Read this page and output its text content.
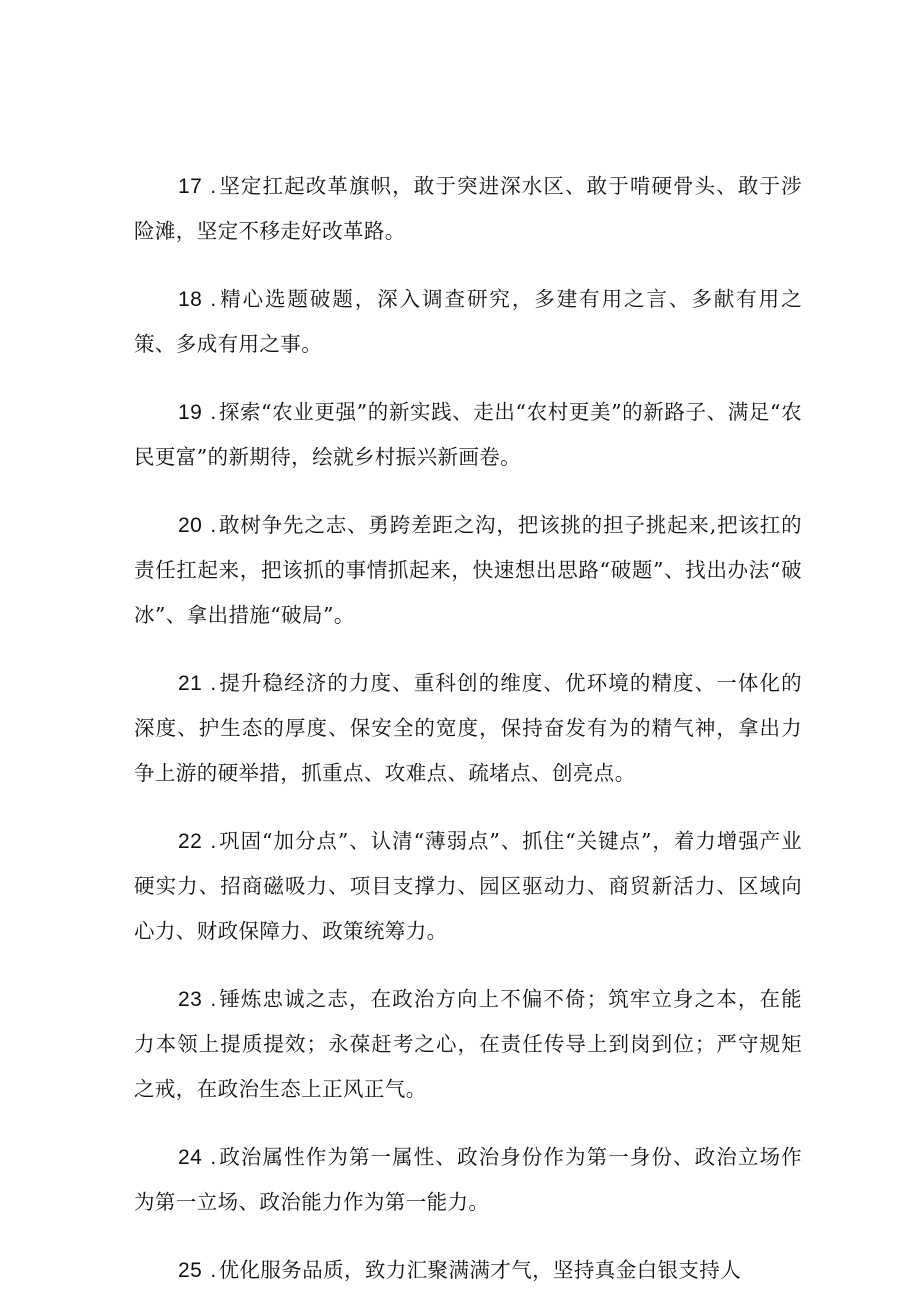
17 .坚定扛起改革旗帜，敢于突进深水区、敢于啃硬骨头、敢于涉险滩，坚定不移走好改革路。

18 .精心选题破题，深入调查研究，多建有用之言、多献有用之策、多成有用之事。

19 .探索“农业更强”的新实践、走出“农村更美”的新路子、满足“农民更富”的新期待，绘就乡村振兴新画卷。

20 .敢树争先之志、勇跨差距之沟，把该挑的担子挑起来,把该扛的责任扛起来，把该抓的事情抓起来，快速想出思路“破题”、找出办法“破冰”、拿出措施“破局”。

21 .提升稳经济的力度、重科创的维度、优环境的精度、一体化的深度、护生态的厚度、保安全的宽度，保持奋发有为的精气神，拿出力争上游的硬举措，抓重点、攻难点、疏堵点、创亮点。

22 .巩固“加分点”、认清“薄弱点”、抓住“关键点”，着力增强产业硬实力、招商磁吸力、项目支撑力、园区驱动力、商贸新活力、区域向心力、财政保障力、政策统筹力。

23 .锤炼忠诚之志，在政治方向上不偏不倚；筑牢立身之本，在能力本领上提质提效；永葆赶考之心，在责任传导上到岗到位；严守规矩之戒，在政治生态上正风正气。

24 .政治属性作为第一属性、政治身份作为第一身份、政治立场作为第一立场、政治能力作为第一能力。

25 .优化服务品质，致力汇聚满满才气，坚持真金白银支持人
